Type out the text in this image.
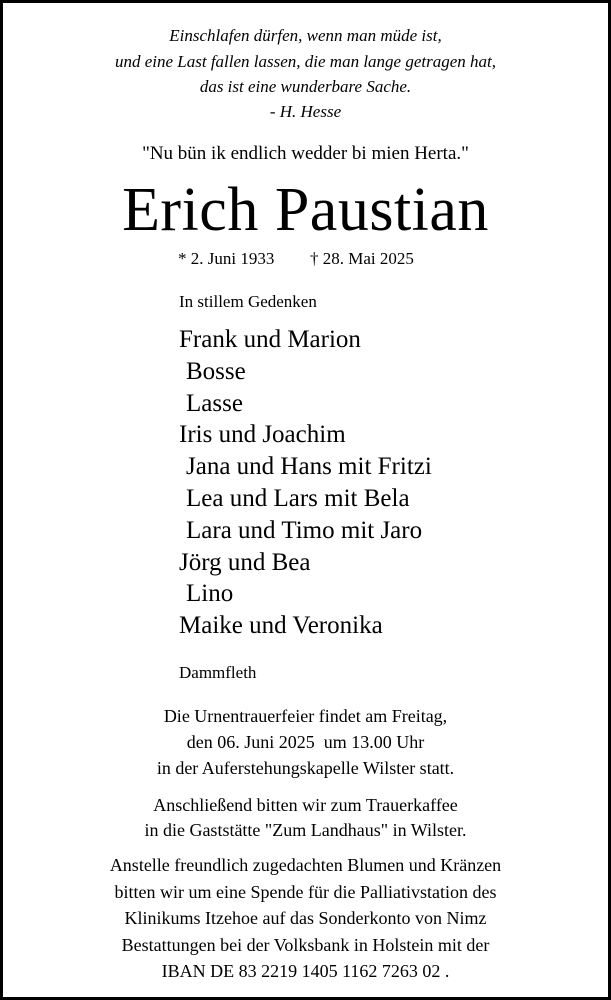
Einschlafen dürfen, wenn man müde ist,
und eine Last fallen lassen, die man lange getragen hat,
das ist eine wunderbare Sache.
- H. Hesse
"Nu bün ik endlich wedder bi mien Herta."
Erich Paustian
* 2. Juni 1933 † 28. Mai 2025
In stillem Gedenken
Frank und Marion
Bosse
Lasse
Iris und Joachim
Jana und Hans mit Fritzi
Lea und Lars mit Bela
Lara und Timo mit Jaro
Jörg und Bea
Lino
Maike und Veronika
Dammfleth
Die Urnentrauerfeier findet am Freitag,
den 06. Juni 2025  um 13.00 Uhr
in der Auferstehungskapelle Wilster statt.
Anschließend bitten wir zum Trauerkaffee
in die Gaststätte "Zum Landhaus" in Wilster.
Anstelle freundlich zugedachten Blumen und Kränzen
bitten wir um eine Spende für die Palliativstation des
Klinikums Itzehoe auf das Sonderkonto von Nimz
Bestattungen bei der Volksbank in Holstein mit der
IBAN DE 83 2219 1405 1162 7263 02 .
